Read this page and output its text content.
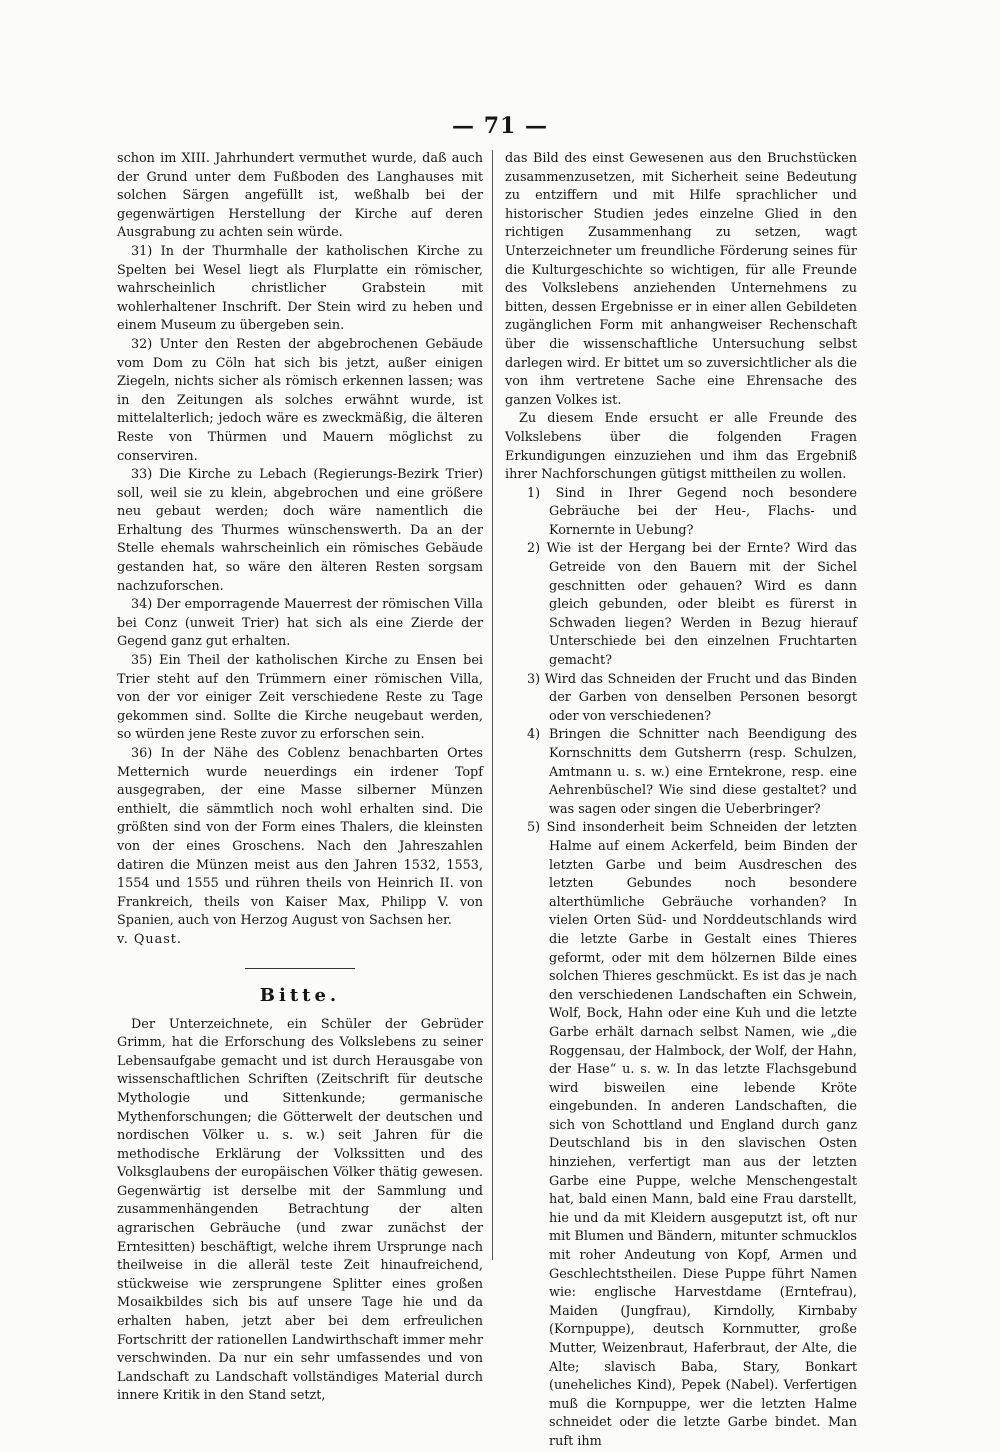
— 71 —

schon im XIII. Jahrhundert vermuthet wurde, daß auch der Grund unter dem Fußboden des Langhauses mit solchen Särgen angefüllt ist, weßhalb bei der gegenwärtigen Herstellung der Kirche auf deren Ausgrabung zu achten sein würde.

31) In der Thurmhalle der katholischen Kirche zu Spelten bei Wesel liegt als Flurplatte ein römischer, wahrscheinlich christlicher Grabstein mit wohlerhaltener Inschrift. Der Stein wird zu heben und einem Museum zu übergeben sein.

32) Unter den Resten der abgebrochenen Gebäude vom Dom zu Cöln hat sich bis jetzt, außer einigen Ziegeln, nichts sicher als römisch erkennen lassen; was in den Zeitungen als solches erwähnt wurde, ist mittelalterlich; jedoch wäre es zweckmäßig, die älteren Reste von Thürmen und Mauern möglichst zu conserviren.

33) Die Kirche zu Lebach (Regierungs-Bezirk Trier) soll, weil sie zu klein, abgebrochen und eine größere neu gebaut werden; doch wäre namentlich die Erhaltung des Thurmes wünschenswerth. Da an der Stelle ehemals wahrscheinlich ein römisches Gebäude gestanden hat, so wäre den älteren Resten sorgsam nachzuforschen.

34) Der emporragende Mauerrest der römischen Villa bei Conz (unweit Trier) hat sich als eine Zierde der Gegend ganz gut erhalten.

35) Ein Theil der katholischen Kirche zu Ensen bei Trier steht auf den Trümmern einer römischen Villa, von der vor einiger Zeit verschiedene Reste zu Tage gekommen sind. Sollte die Kirche neugebaut werden, so würden jene Reste zuvor zu erforschen sein.

36) In der Nähe des Coblenz benachbarten Ortes Metternich wurde neuerdings ein irdener Topf ausgegraben, der eine Masse silberner Münzen enthielt, die sämmtlich noch wohl erhalten sind. Die größten sind von der Form eines Thalers, die kleinsten von der eines Groschens. Nach den Jahreszahlen datiren die Münzen meist aus den Jahren 1532, 1553, 1554 und 1555 und rühren theils von Heinrich II. von Frankreich, theils von Kaiser Max, Philipp V. von Spanien, auch von Herzog August von Sachsen her.

v. Quast.

Bitte.

Der Unterzeichnete, ein Schüler der Gebrüder Grimm, hat die Erforschung des Volkslebens zu seiner Lebensaufgabe gemacht und ist durch Herausgabe von wissenschaftlichen Schriften (Zeitschrift für deutsche Mythologie und Sittenkunde; germanische Mythenforschungen; die Götterwelt der deutschen und nordischen Völker u. s. w.) seit Jahren für die methodische Erklärung der Volkssitten und des Volksglaubens der europäischen Völker thätig gewesen. Gegenwärtig ist derselbe mit der Sammlung und zusammenhängenden Betrachtung der alten agrarischen Gebräuche (und zwar zunächst der Erntesitten) beschäftigt, welche ihrem Ursprunge nach theilweise in die alleräl teste Zeit hinaufreichend, stückweise wie zersprungene Splitter eines großen Mosaikbildes sich bis auf unsere Tage hie und da erhalten haben, jetzt aber bei dem erfreulichen Fortschritt der rationellen Landwirthschaft immer mehr verschwinden. Da nur ein sehr umfassendes und von Landschaft zu Landschaft vollständiges Material durch innere Kritik in den Stand setzt,

das Bild des einst Gewesenen aus den Bruchstücken zusammenzusetzen, mit Sicherheit seine Bedeutung zu entziffern und mit Hilfe sprachlicher und historischer Studien jedes einzelne Glied in den richtigen Zusammenhang zu setzen, wagt Unterzeichneter um freundliche Förderung seines für die Kulturgeschichte so wichtigen, für alle Freunde des Volkslebens anziehenden Unternehmens zu bitten, dessen Ergebnisse er in einer allen Gebildeten zugänglichen Form mit anhangweiser Rechenschaft über die wissenschaftliche Untersuchung selbst darlegen wird. Er bittet um so zuversichtlicher als die von ihm vertretene Sache eine Ehrensache des ganzen Volkes ist.

Zu diesem Ende ersucht er alle Freunde des Volkslebens über die folgenden Fragen Erkundigungen einzuziehen und ihm das Ergebniß ihrer Nachforschungen gütigst mittheilen zu wollen.

1) Sind in Ihrer Gegend noch besondere Gebräuche bei der Heu-, Flachs- und Kornernte in Uebung?

2) Wie ist der Hergang bei der Ernte? Wird das Getreide von den Bauern mit der Sichel geschnitten oder gehauen? Wird es dann gleich gebunden, oder bleibt es fürerst in Schwaden liegen? Werden in Bezug hierauf Unterschiede bei den einzelnen Fruchtarten gemacht?

3) Wird das Schneiden der Frucht und das Binden der Garben von denselben Personen besorgt oder von verschiedenen?

4) Bringen die Schnitter nach Beendigung des Kornschnitts dem Gutsherrn (resp. Schulzen, Amtmann u. s. w.) eine Erntekrone, resp. eine Aehrenbüschel? Wie sind diese gestaltet? und was sagen oder singen die Ueberbringer?

5) Sind insonderheit beim Schneiden der letzten Halme auf einem Ackerfeld, beim Binden der letzten Garbe und beim Ausdreschen des letzten Gebundes noch besondere alterthümliche Gebräuche vorhanden? In vielen Orten Süd- und Norddeutschlands wird die letzte Garbe in Gestalt eines Thieres geformt, oder mit dem hölzernen Bilde eines solchen Thieres geschmückt. Es ist das je nach den verschiedenen Landschaften ein Schwein, Wolf, Bock, Hahn oder eine Kuh und die letzte Garbe erhält darnach selbst Namen, wie „die Roggensau, der Halmbock, der Wolf, der Hahn, der Hase“ u. s. w. In das letzte Flachsgebund wird bisweilen eine lebende Kröte eingebunden. In anderen Landschaften, die sich von Schottland und England durch ganz Deutschland bis in den slavischen Osten hinziehen, verfertigt man aus der letzten Garbe eine Puppe, welche Menschengestalt hat, bald einen Mann, bald eine Frau darstellt, hie und da mit Kleidern ausgeputzt ist, oft nur mit Blumen und Bändern, mitunter schmucklos mit roher Andeutung von Kopf, Armen und Geschlechtstheilen. Diese Puppe führt Namen wie: englische Harvestdame (Erntefrau), Maiden (Jungfrau), Kirndolly, Kirnbaby (Kornpuppe), deutsch Kornmutter, große Mutter, Weizenbraut, Haferbraut, der Alte, die Alte; slavisch Baba, Stary, Bonkart (uneheliches Kind), Pepek (Nabel). Verfertigen muß die Kornpuppe, wer die letzten Halme schneidet oder die letzte Garbe bindet. Man ruft ihm
